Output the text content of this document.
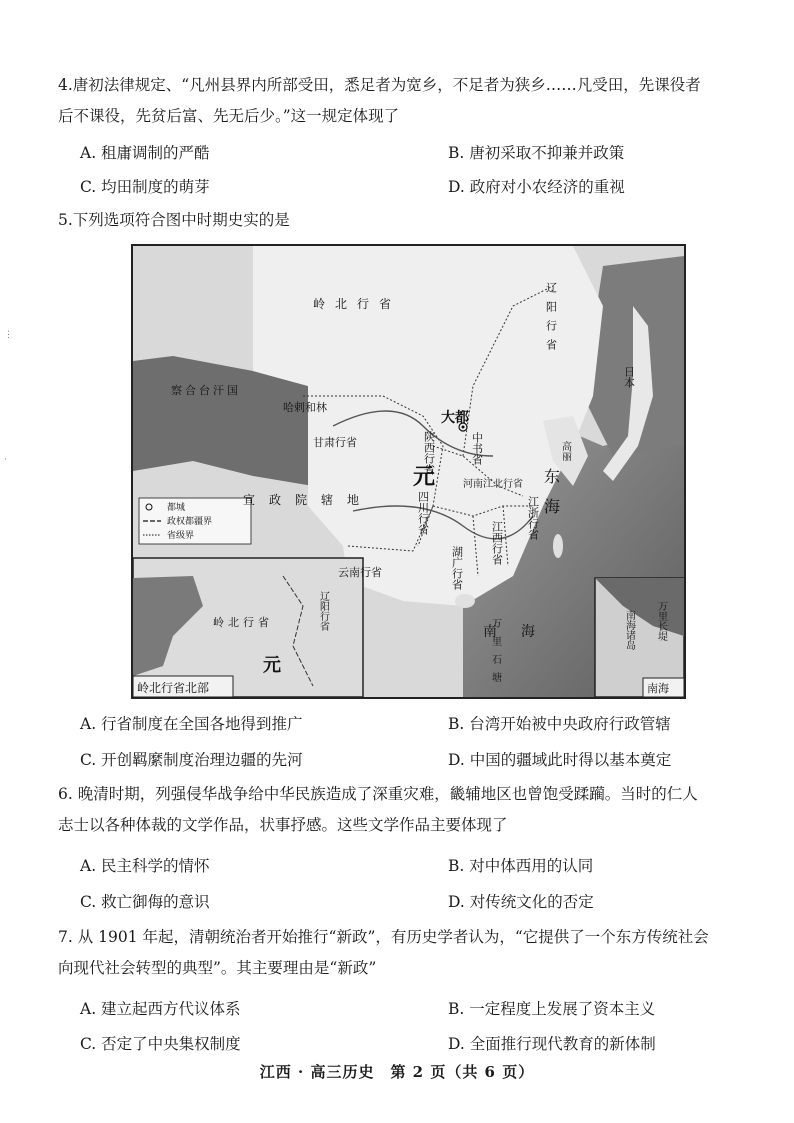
4.唐初法律规定、“凡州县界内所部受田，悉足者为宽乡，不足者为狭乡……凡受田，先课役者

后不课役，先贫后富、先无后少。”这一规定体现了

A. 租庸调制的严酷	B. 唐初采取不抑兼并政策
C. 均田制度的萌芽	D. 政府对小农经济的重视

5.下列选项符合图中时期史实的是

⋮
·
岭北行省	辽阳行省
察合台汗国
哈剌和林
甘肃行省	中书省
大都
陕西行省
河南江北行省
四川行省
宣政院辖地	江浙行省
江西行省
湖广行省
云南行省
元
高丽
日本
东海
南海
万里石塘	万里长堤
南海诸岛
都城
政权都疆界
省级界
岭北行省	辽阳行省
元
岭北行省北部	南海
A. 行省制度在全国各地得到推广	B. 台湾开始被中央政府行政管辖
C. 开创羁縻制度治理边疆的先河	D. 中国的疆域此时得以基本奠定

6. 晚清时期，列强侵华战争给中华民族造成了深重灾难，畿辅地区也曾饱受蹂躏。当时的仁人

志士以各种体裁的文学作品，状事抒感。这些文学作品主要体现了

A. 民主科学的情怀	B. 对中体西用的认同
C. 救亡御侮的意识	D. 对传统文化的否定

7. 从 1901 年起，清朝统治者开始推行“新政”，有历史学者认为，“它提供了一个东方传统社会

向现代社会转型的典型”。其主要理由是“新政”

A. 建立起西方代议体系	B. 一定程度上发展了资本主义
C. 否定了中央集权制度	D. 全面推行现代教育的新体制
江西 · 高三历史　第 2 页（共 6 页）
